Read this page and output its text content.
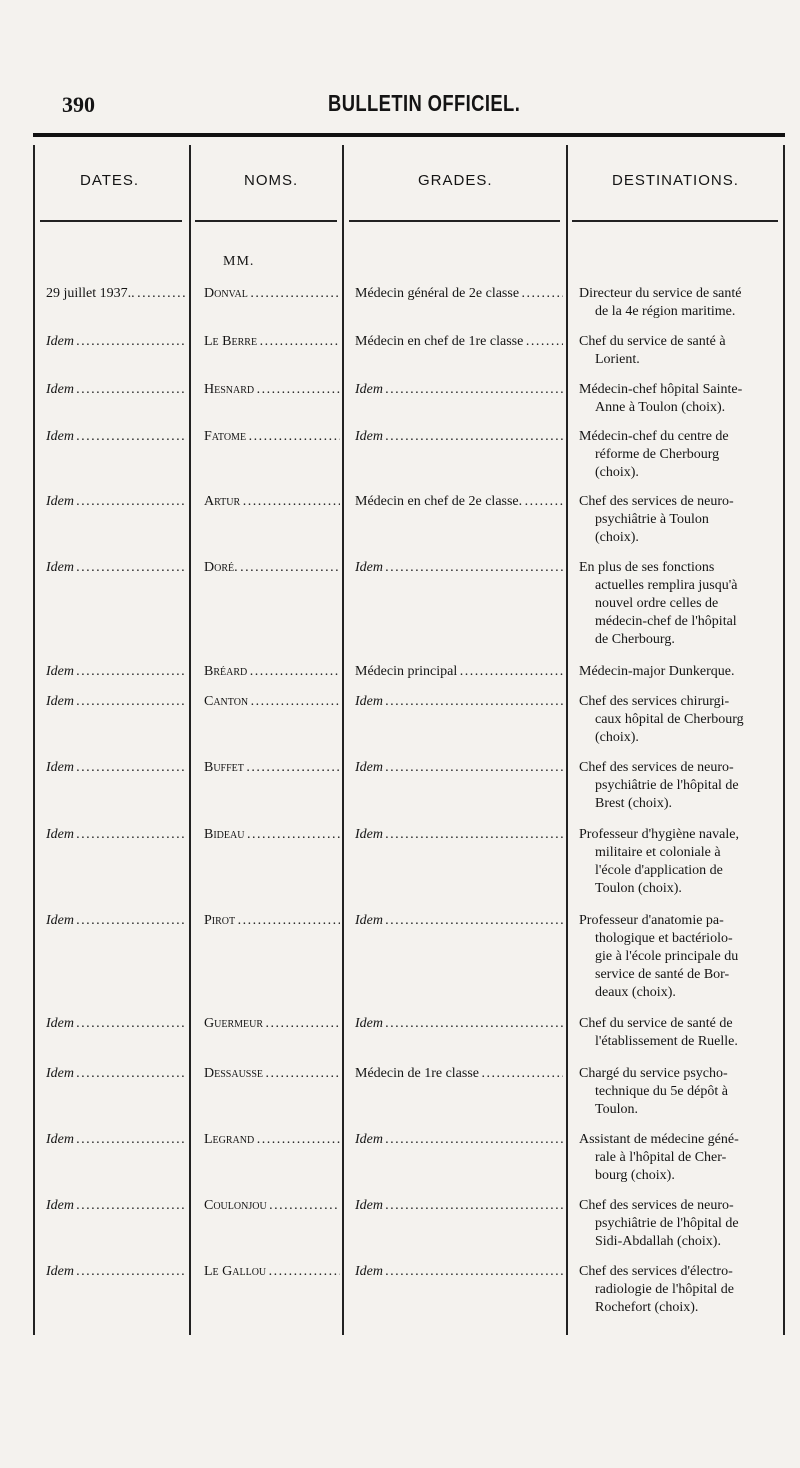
390	BULLETIN OFFICIEL.
DATES.	NOMS.	GRADES.	DESTINATIONS.
MM.
29 juillet 1937.. . . .	Donval . . .	Médecin général de 2e classe . . .	Directeur du service de santé
de la 4e région maritime.
Idem . . .	Le Berre . . .	Médecin en chef de 1re classe . . .	Chef du service de santé à
Lorient.
Idem . . .	Hesnard . . .	Idem . . .	Médecin-chef hôpital Sainte-
Anne à Toulon (choix).
Idem . . .	Fatome . . .	Idem . . .	Médecin-chef du centre de
réforme de Cherbourg
(choix).
Idem . . .	Artur . . .	Médecin en chef de 2e classe. . . .	Chef des services de neuro-
psychiâtrie à Toulon
(choix).
Idem . . .	Doré. . . .	Idem . . .	En plus de ses fonctions
actuelles remplira jusqu'à
nouvel ordre celles de
médecin-chef de l'hôpital
de Cherbourg.
Idem . . .	Bréard . . .	Médecin principal . . .	Médecin-major Dunkerque.
Idem . . .	Canton . . .	Idem . . .	Chef des services chirurgi-
caux hôpital de Cherbourg
(choix).
Idem . . .	Buffet . . .	Idem . . .	Chef des services de neuro-
psychiâtrie de l'hôpital de
Brest (choix).
Idem . . .	Bideau . . .	Idem . . .	Professeur d'hygiène navale,
militaire et coloniale à
l'école d'application de
Toulon (choix).
Idem . . .	Pirot . . .	Idem . . .	Professeur d'anatomie pa-
thologique et bactériolo-
gie à l'école principale du
service de santé de Bor-
deaux (choix).
Idem . . .	Guermeur . . .	Idem . . .	Chef du service de santé de
l'établissement de Ruelle.
Idem . . .	Dessausse . . .	Médecin de 1re classe . . .	Chargé du service psycho-
technique du 5e dépôt à
Toulon.
Idem . . .	Legrand . . .	Idem . . .	Assistant de médecine géné-
rale à l'hôpital de Cher-
bourg (choix).
Idem . . .	Coulonjou . . .	Idem . . .	Chef des services de neuro-
psychiâtrie de l'hôpital de
Sidi-Abdallah (choix).
Idem . . .	Le Gallou . . .	Idem . . .	Chef des services d'électro-
radiologie de l'hôpital de
Rochefort (choix).
